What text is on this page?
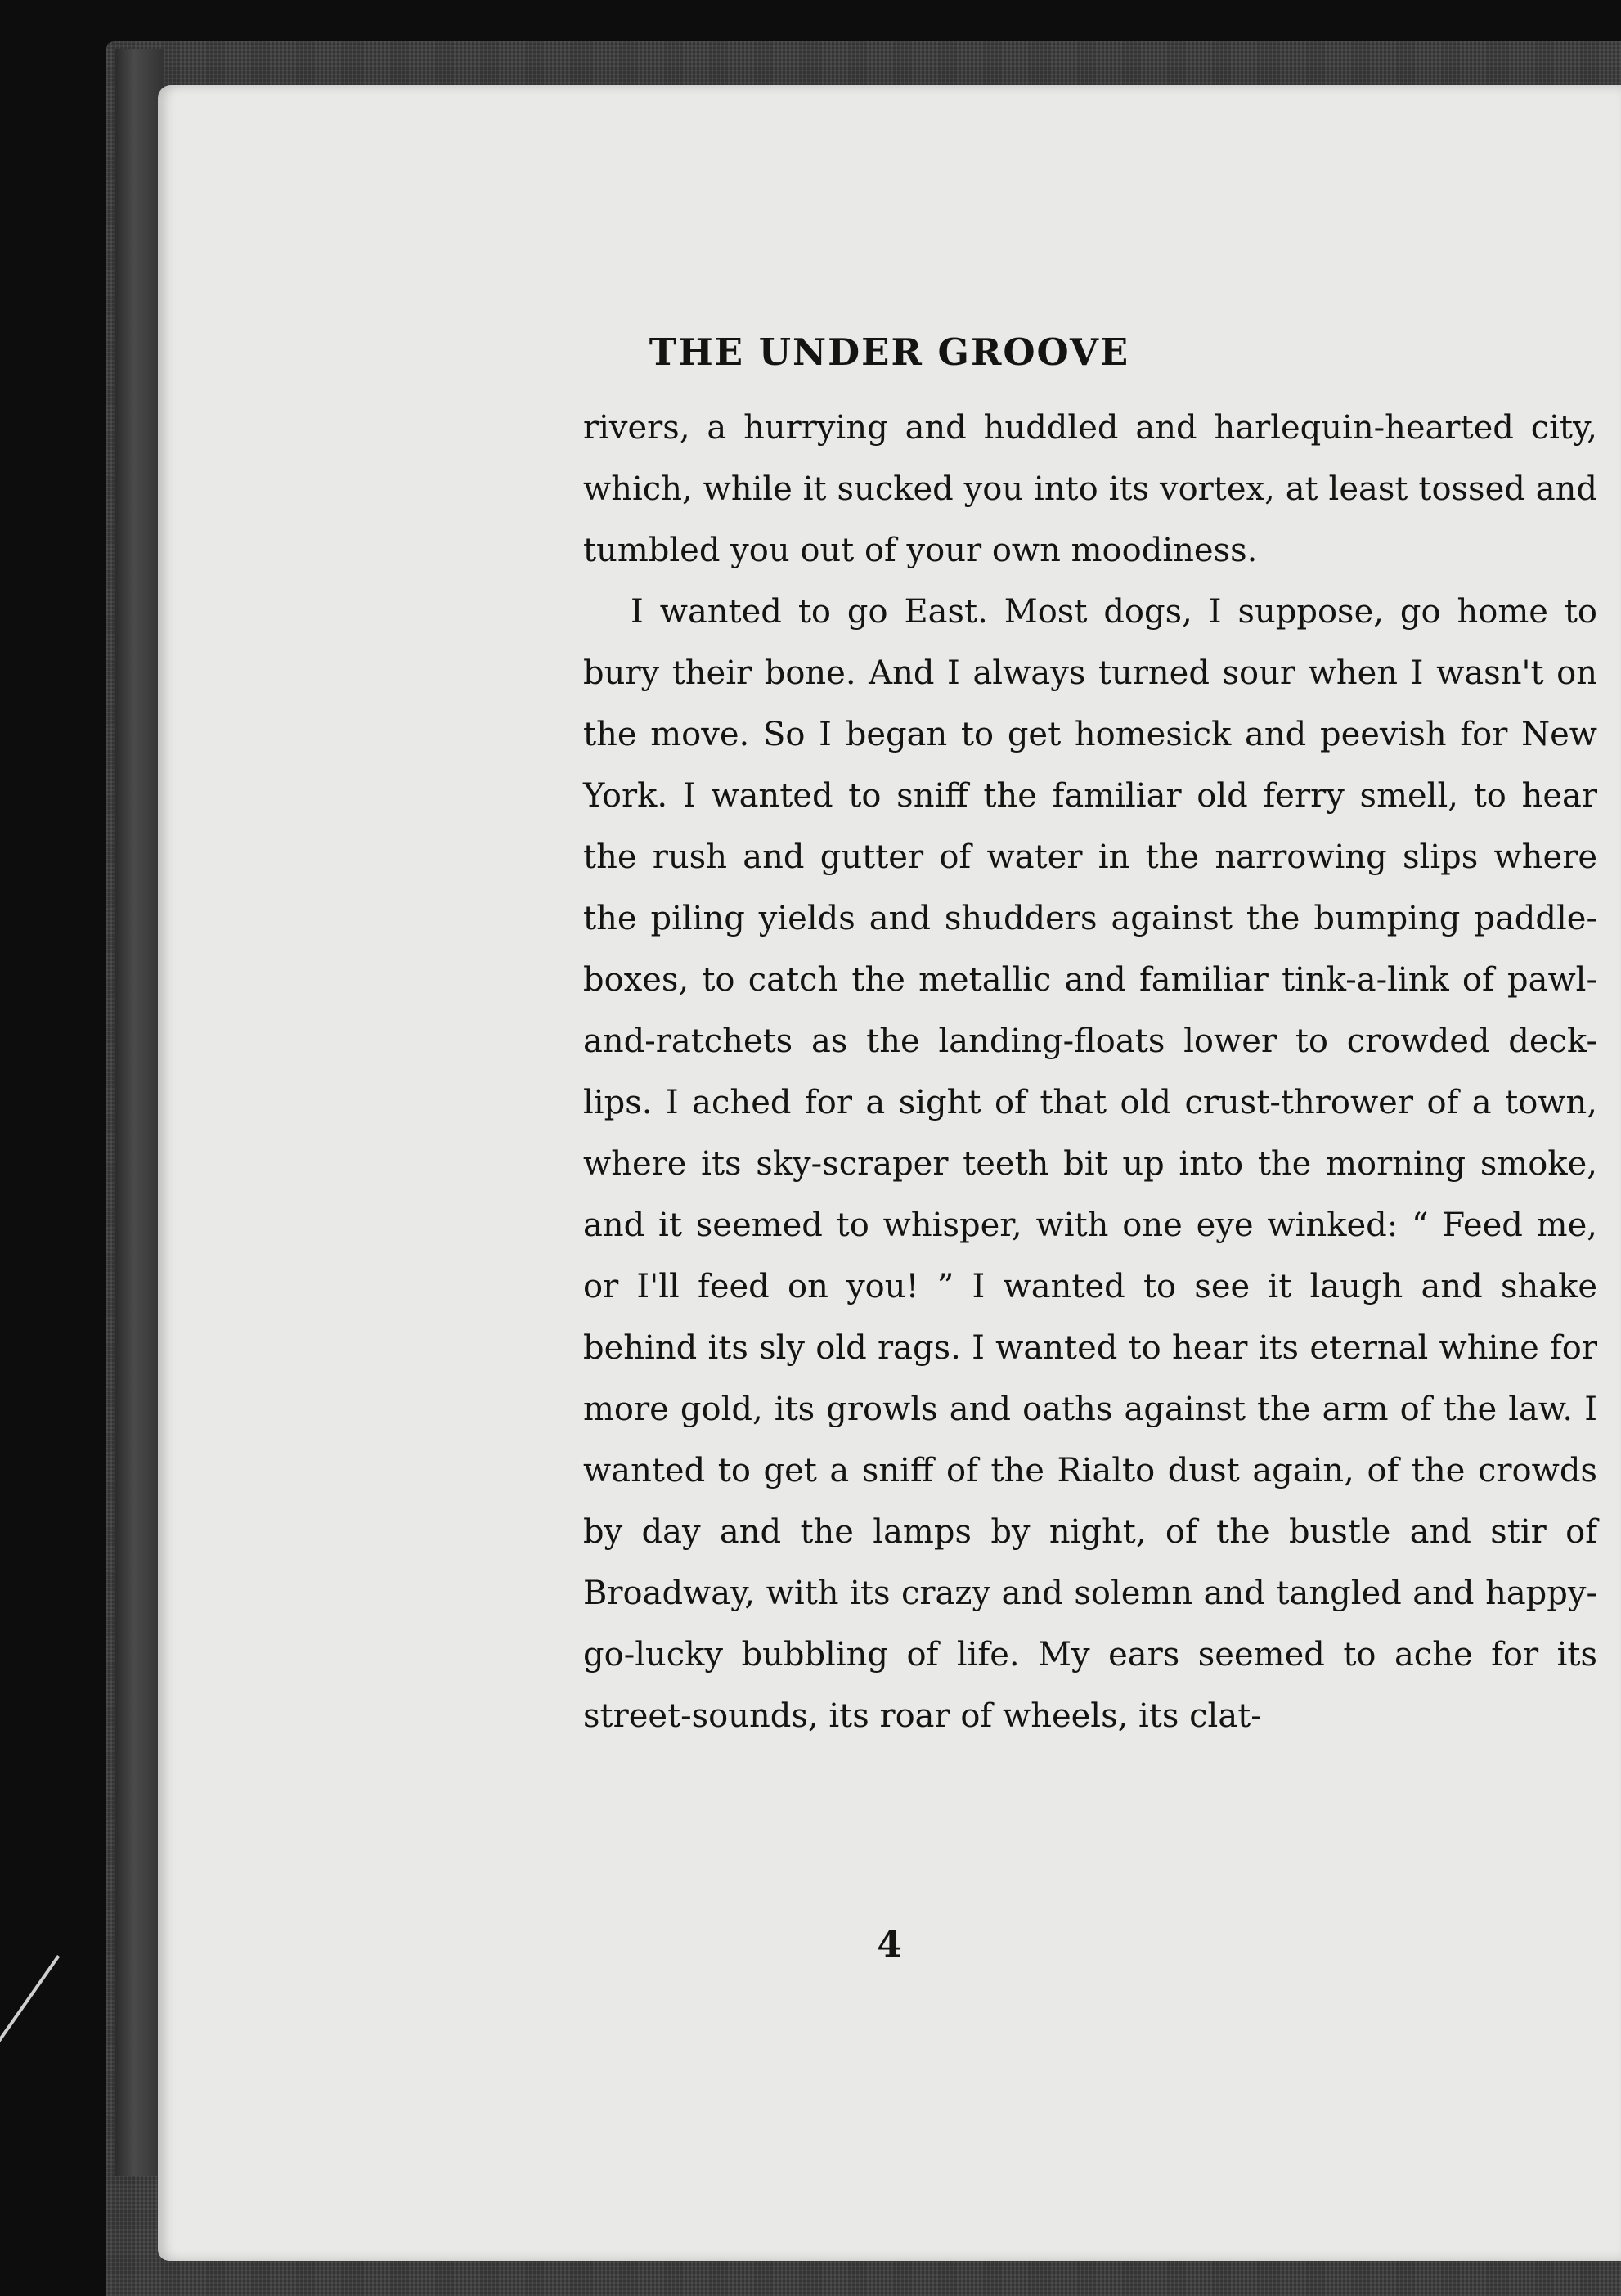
THE UNDER GROOVE

rivers, a hurrying and huddled and harlequin-hearted city, which, while it sucked you into its vortex, at least tossed and tumbled you out of your own moodiness.

I wanted to go East. Most dogs, I suppose, go home to bury their bone. And I always turned sour when I wasn't on the move. So I began to get homesick and peevish for New York. I wanted to sniff the familiar old ferry smell, to hear the rush and gutter of water in the narrowing slips where the piling yields and shudders against the bumping paddle-boxes, to catch the metallic and familiar tink-a-link of pawl-and-ratchets as the landing-floats lower to crowded deck-lips. I ached for a sight of that old crust-thrower of a town, where its sky-scraper teeth bit up into the morning smoke, and it seemed to whisper, with one eye winked: “ Feed me, or I'll feed on you! ” I wanted to see it laugh and shake behind its sly old rags. I wanted to hear its eternal whine for more gold, its growls and oaths against the arm of the law. I wanted to get a sniff of the Rialto dust again, of the crowds by day and the lamps by night, of the bustle and stir of Broadway, with its crazy and solemn and tangled and happy-go-lucky bubbling of life. My ears seemed to ache for its street-sounds, its roar of wheels, its clat-

4
